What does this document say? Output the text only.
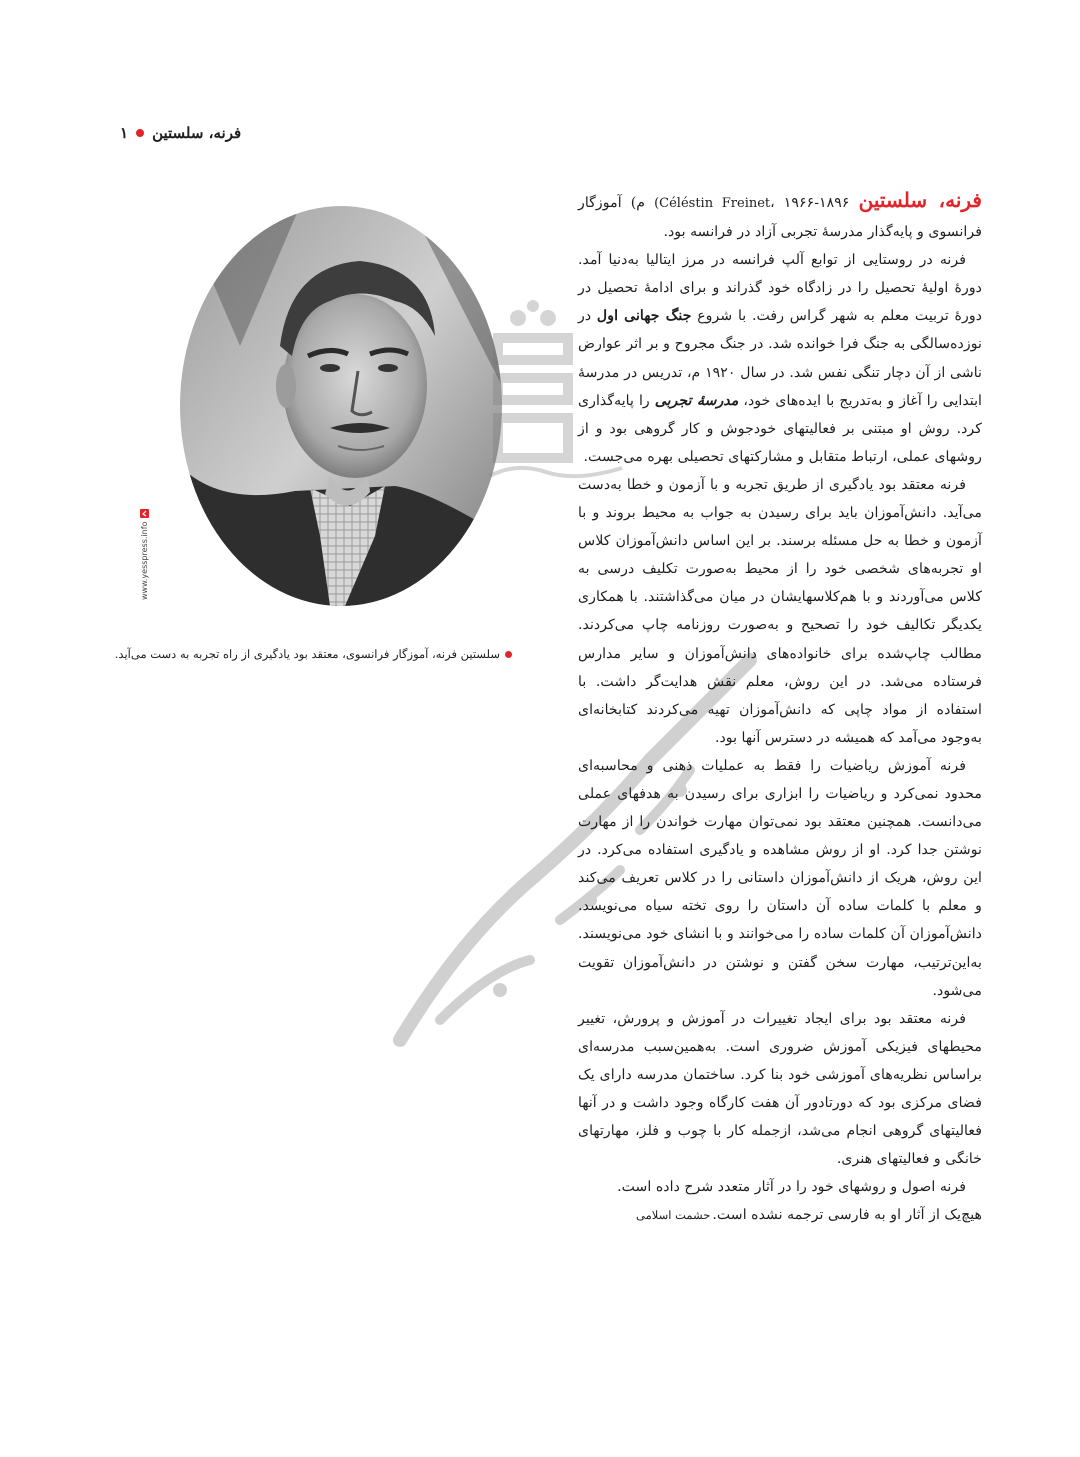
فرنه، سلستین
۱
سلستین فرنه، آموزگار فرانسوی، معتقد بود یادگیری از راه تجربه به دست می‌آید.
www.yesspress.info

فرنه، سلستین (Céléstin Freinet، ۱۹۶۶-۱۸۹۶ م) آموزگار فرانسوی و پایه‌گذار مدرسهٔ تجربی آزاد در فرانسه بود.

فرنه در روستایی از توابع آلپ فرانسه در مرز ایتالیا به‌دنیا آمد. دورهٔ اولیهٔ تحصیل را در زادگاه خود گذراند و برای ادامهٔ تحصیل در دورهٔ تربیت معلم به شهر گراس رفت. با شروع جنگ جهانی اول در نوزده‌سالگی به جنگ فرا خوانده شد. در جنگ مجروح و بر اثر عوارض ناشی از آن دچار تنگی نفس شد. در سال ۱۹۲۰ م، تدریس در مدرسهٔ ابتدایی را آغاز و به‌تدریج با ایده‌های خود، مدرسهٔ تجربی را پایه‌گذاری کرد. روش او مبتنی بر فعالیتهای خودجوش و کار گروهی بود و از روشهای عملی، ارتباط متقابل و مشارکتهای تحصیلی بهره می‌جست.

فرنه معتقد بود یادگیری از طریق تجربه و با آزمون و خطا به‌دست می‌آید. دانش‌آموزان باید برای رسیدن به جواب به محیط بروند و با آزمون و خطا به حل مسئله برسند. بر این اساس دانش‌آموزان کلاس او تجربه‌های شخصی خود را از محیط به‌صورت تکلیف درسی به کلاس می‌آوردند و با هم‌کلاسهایشان در میان می‌گذاشتند. با همکاری یکدیگر تکالیف خود را تصحیح و به‌صورت روزنامه چاپ می‌کردند. مطالب چاپ‌شده برای خانواده‌های دانش‌آموزان و سایر مدارس فرستاده می‌شد. در این روش، معلم نقش هدایت‌گر داشت. با استفاده از مواد چاپی که دانش‌آموزان تهیه می‌کردند کتابخانه‌ای به‌وجود می‌آمد که همیشه در دسترس آنها بود.

فرنه آموزش ریاضیات را فقط به عملیات ذهنی و محاسبه‌ای محدود نمی‌کرد و ریاضیات را ابزاری برای رسیدن به هدفهای عملی می‌دانست. همچنین معتقد بود نمی‌توان مهارت خواندن را از مهارت نوشتن جدا کرد. او از روش مشاهده و یادگیری استفاده می‌کرد. در این روش، هریک از دانش‌آموزان داستانی را در کلاس تعریف می‌کند و معلم با کلمات ساده آن داستان را روی تخته سیاه می‌نویسد. دانش‌آموزان آن کلمات ساده را می‌خوانند و با انشای خود می‌نویسند. به‌این‌ترتیب، مهارت سخن گفتن و نوشتن در دانش‌آموزان تقویت می‌شود.

فرنه معتقد بود برای ایجاد تغییرات در آموزش و پرورش، تغییر محیطهای فیزیکی آموزش ضروری است. به‌همین‌سبب مدرسه‌ای براساس نظریه‌های آموزشی خود بنا کرد. ساختمان مدرسه دارای یک فضای مرکزی بود که دورتادور آن هفت کارگاه وجود داشت و در آنها فعالیتهای گروهی انجام می‌شد، ازجمله کار با چوب و فلز، مهارتهای خانگی و فعالیتهای هنری.

فرنه اصول و روشهای خود را در آثار متعدد شرح داده است.

هیچ‌یک از آثار او به فارسی ترجمه نشده است.
حشمت اسلامی
